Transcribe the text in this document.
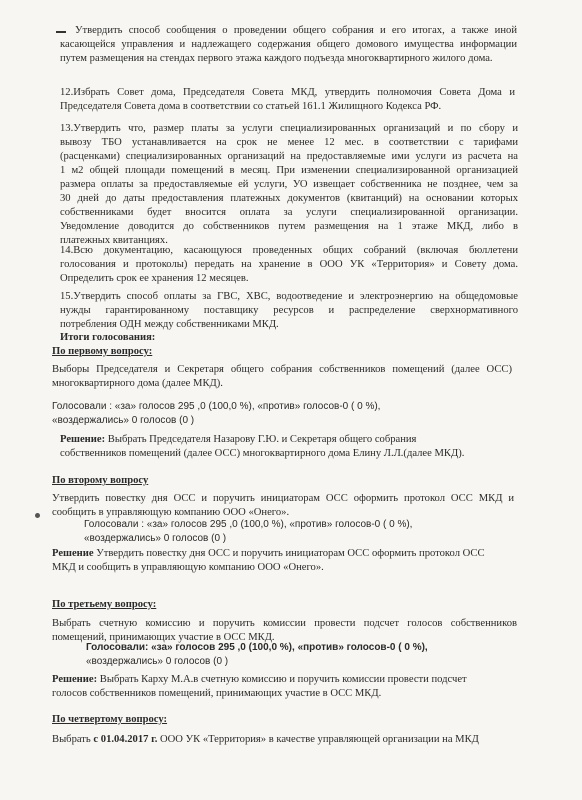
Утвердить способ сообщения о проведении общего собрания и его итогах, а также иной
касающейся управления и надлежащего содержания общего домового имущества информации
путем размещения на стендах первого этажа каждого подъезда многоквартирного жилого дома.
12.Избрать Совет дома, Председателя Совета МКД, утвердить полномочия Совета Дома и
Председателя Совета дома в соответствии со статьей 161.1 Жилищного Кодекса РФ.
13.Утвердить что, размер платы за услуги специализированных организаций и по сбору и
вывозу ТБО устанавливается на срок не менее 12 мес. в соответствии с тарифами
(расценками) специализированных организаций на предоставляемые ими услуги из расчета на
1 м2 общей площади помещений в месяц. При изменении специализированной организацией
размера оплаты за предоставляемые ей услуги, УО извещает собственника не позднее, чем за
30 дней до даты предоставления платежных документов (квитанций) на основании которых
собственниками будет вносится оплата за услуги специализированной организации.
Уведомление доводится до собственников путем размещения на 1 этаже МКД, либо в
платежных квитанциях.
14.Всю документацию, касающуюся проведенных общих собраний (включая бюллетени
голосования и протоколы) передать на хранение в ООО УК «Территория» и Совету дома.
Определить срок ее хранения 12 месяцев.
15.Утвердить способ оплаты за ГВС, ХВС, водоотведение и электроэнергию на общедомовые
нужды гарантированному поставщику ресурсов и распределение сверхнормативного
потребления ОДН между собственниками МКД.
Итоги голосования:
По первому вопросу:
Выборы Председателя и Секретаря общего собрания собственников помещений (далее ОСС)
многоквартирного дома (далее МКД).
Голосовали : «за» голосов 295 ,0 (100,0 %), «против» голосов-0 ( 0 %),
«воздержались» 0 голосов (0 )
Решение: Выбрать Председателя Назарову Г.Ю. и Секретаря общего собрания
собственников помещений (далее ОСС) многоквартирного дома Елину Л.Л.(далее МКД).
По второму вопросу
Утвердить повестку дня ОСС и поручить инициаторам ОСС оформить протокол ОСС МКД и
сообщить в управляющую компанию ООО «Онего».
Голосовали : «за» голосов 295 ,0 (100,0 %), «против» голосов-0 ( 0 %),
«воздержались» 0 голосов (0 )
Решение Утвердить повестку дня ОСС и поручить инициаторам ОСС оформить протокол ОСС
МКД и сообщить в управляющую компанию ООО «Онего».
По третьему вопросу:
Выбрать счетную комиссию и поручить комиссии провести подсчет голосов собственников
помещений, принимающих участие в ОСС МКД.
Голосовали: «за» голосов 295 ,0 (100,0 %), «против» голосов-0 ( 0 %),
«воздержались» 0 голосов (0 )
Решение: Выбрать Карху М.А.в счетную комиссию и поручить комиссии провести подсчет
голосов собственников помещений, принимающих участие в ОСС МКД.
По четвертому вопросу:
Выбрать с 01.04.2017 г. ООО УК «Территория» в качестве управляющей организации на МКД
